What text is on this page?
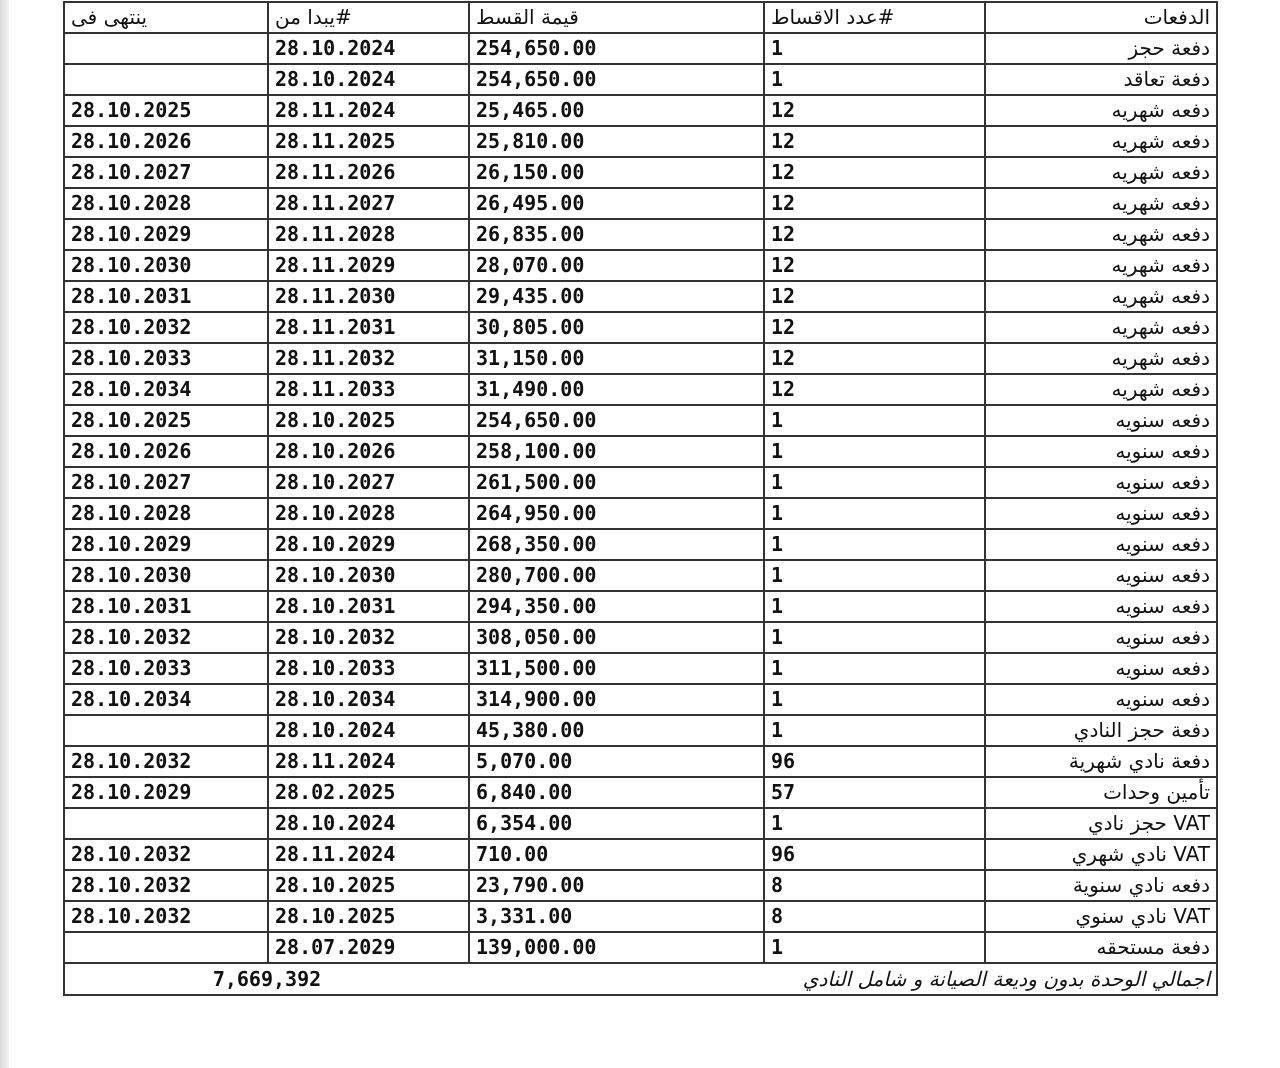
الدفعات	#عدد الاقساط	قيمة القسط	#يبدا من	ينتهى فى
دفعة حجز	1	254,650.00	28.10.2024	
دفعة تعاقد	1	254,650.00	28.10.2024	
دفعه شهريه	12	25,465.00	28.11.2024	28.10.2025
دفعه شهريه	12	25,810.00	28.11.2025	28.10.2026
دفعه شهريه	12	26,150.00	28.11.2026	28.10.2027
دفعه شهريه	12	26,495.00	28.11.2027	28.10.2028
دفعه شهريه	12	26,835.00	28.11.2028	28.10.2029
دفعه شهريه	12	28,070.00	28.11.2029	28.10.2030
دفعه شهريه	12	29,435.00	28.11.2030	28.10.2031
دفعه شهريه	12	30,805.00	28.11.2031	28.10.2032
دفعه شهريه	12	31,150.00	28.11.2032	28.10.2033
دفعه شهريه	12	31,490.00	28.11.2033	28.10.2034
دفعه سنويه	1	254,650.00	28.10.2025	28.10.2025
دفعه سنويه	1	258,100.00	28.10.2026	28.10.2026
دفعه سنويه	1	261,500.00	28.10.2027	28.10.2027
دفعه سنويه	1	264,950.00	28.10.2028	28.10.2028
دفعه سنويه	1	268,350.00	28.10.2029	28.10.2029
دفعه سنويه	1	280,700.00	28.10.2030	28.10.2030
دفعه سنويه	1	294,350.00	28.10.2031	28.10.2031
دفعه سنويه	1	308,050.00	28.10.2032	28.10.2032
دفعه سنويه	1	311,500.00	28.10.2033	28.10.2033
دفعه سنويه	1	314,900.00	28.10.2034	28.10.2034
دفعة حجز النادي	1	45,380.00	28.10.2024	
دفعة نادي شهرية	96	5,070.00	28.11.2024	28.10.2032
تأمين وحدات	57	6,840.00	28.02.2025	28.10.2029
VAT حجز نادي	1	6,354.00	28.10.2024	
VAT نادي شهري	96	710.00	28.11.2024	28.10.2032
دفعه نادي سنوية	8	23,790.00	28.10.2025	28.10.2032
VAT نادي سنوي	8	3,331.00	28.10.2025	28.10.2032
دفعة مستحقه	1	139,000.00	28.07.2029	
اجمالي الوحدة بدون وديعة الصيانة و شامل النادي			7,669,392	
